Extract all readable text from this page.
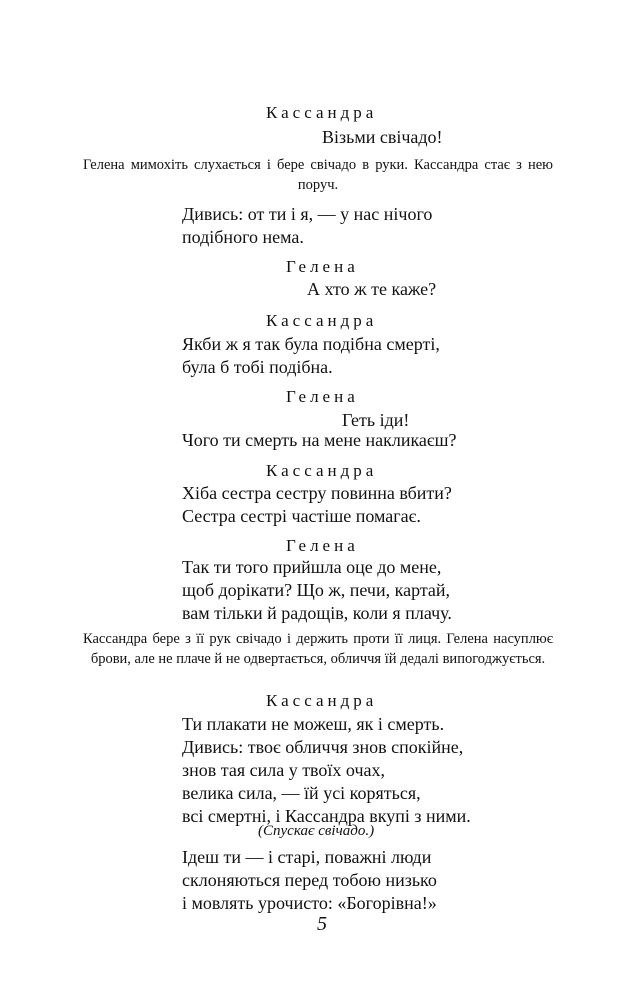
Кассандра
Візьми свічадо!
Гелена мимохіть слухається і бере свічадо в руки. Кассандра стає з нею поруч.
Дивись: от ти і я, — у нас нічого
подібного нема.
Гелена
А хто ж те каже?
Кассандра
Якби ж я так була подібна смерті,
була б тобі подібна.
Гелена
Геть іди!
Чого ти смерть на мене накликаєш?
Кассандра
Хіба сестра сестру повинна вбити?
Сестра сестрі частіше помагає.
Гелена
Так ти того прийшла оце до мене,
щоб дорікати? Що ж, печи, картай,
вам тільки й радощів, коли я плачу.
Кассандра бере з її рук свічадо і держить проти її лиця. Гелена насуплює брови, але не плаче й не одвертається, обличчя їй дедалі випогоджується.
Кассандра
Ти плакати не можеш, як і смерть.
Дивись: твоє обличчя знов спокійне,
знов тая сила у твоїх очах,
велика сила, — їй усі коряться,
всі смертні, і Кассандра вкупі з ними.
(Спускає свічадо.)
Ідеш ти — і старі, поважні люди
склоняються перед тобою низько
і мовлять урочисто: «Богорівна!»
5
